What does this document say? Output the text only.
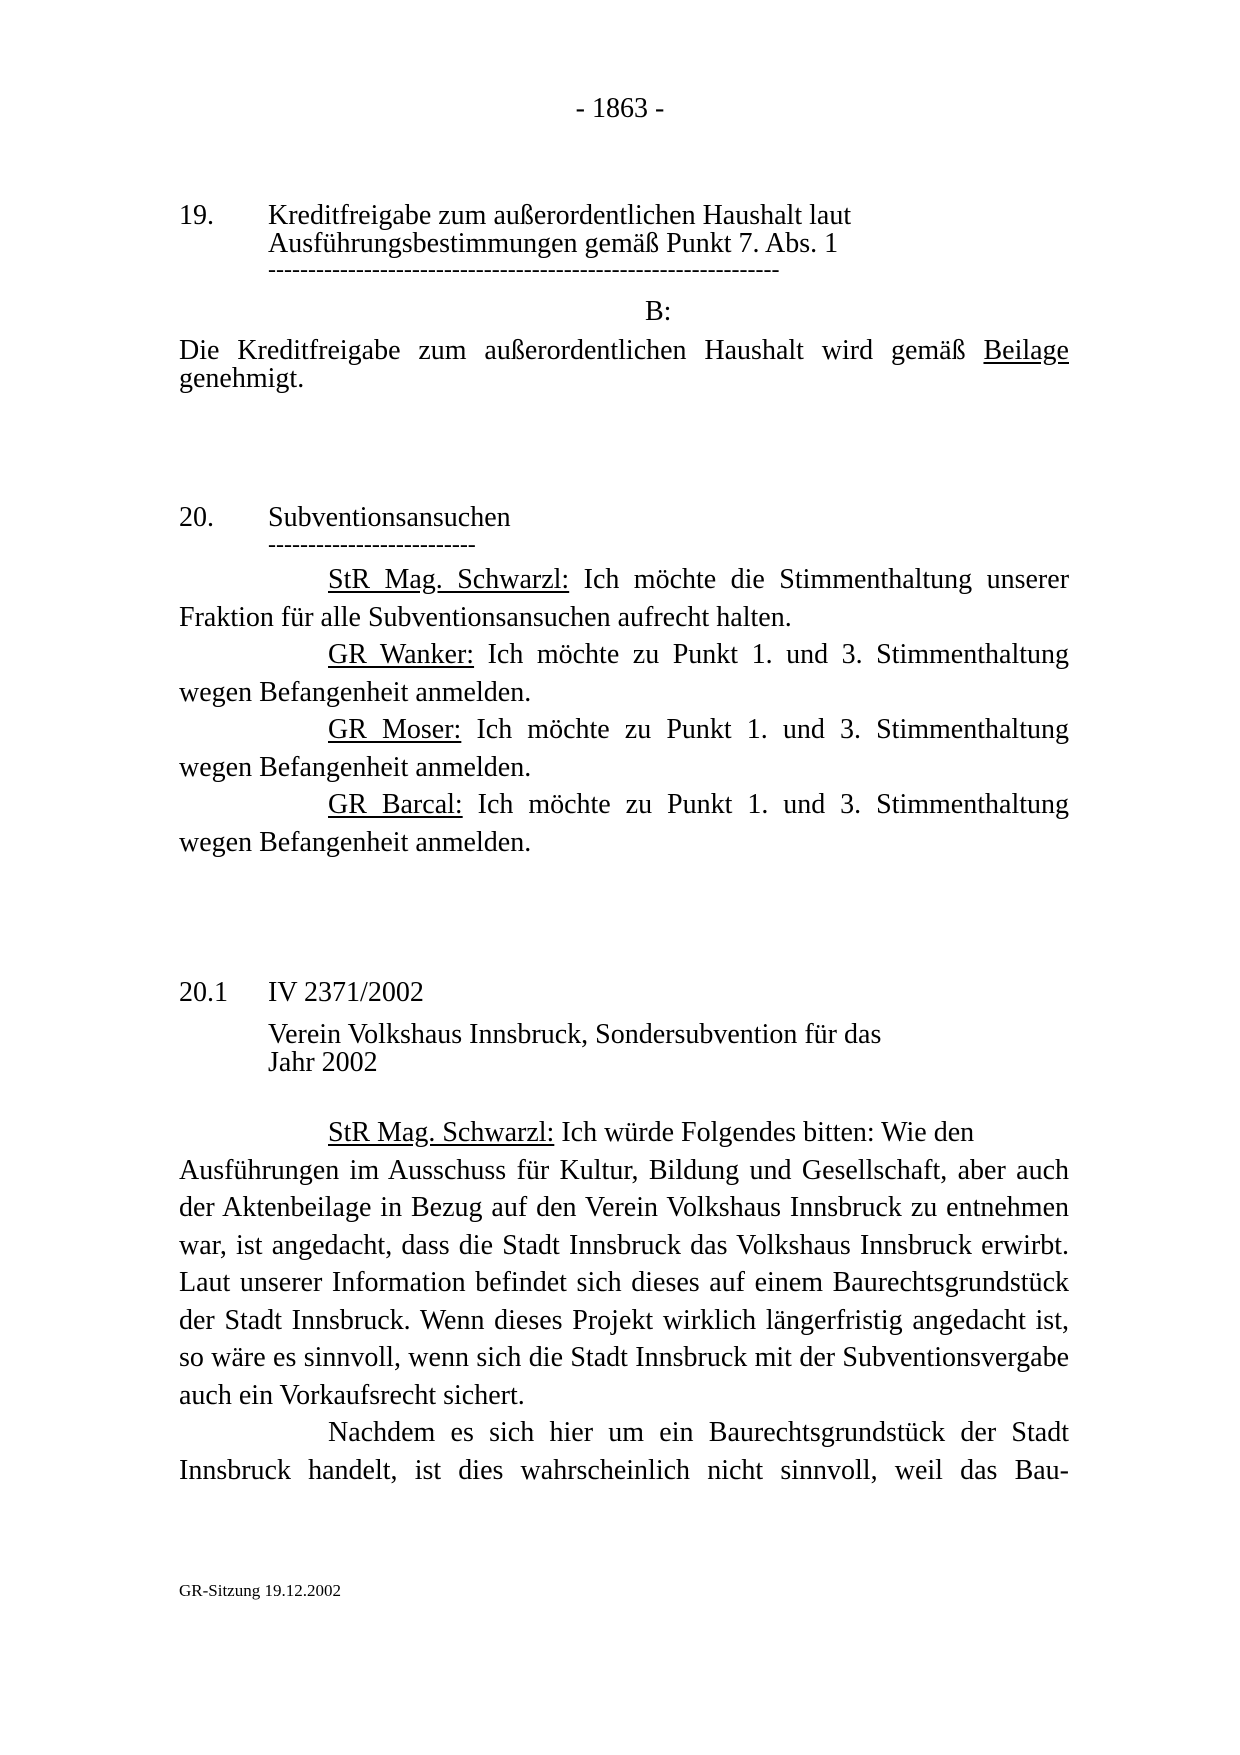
- 1863 -
19. Kreditfreigabe zum außerordentlichen Haushalt laut
Ausführungsbestimmungen gemäß Punkt 7. Abs. 1
----------------------------------------------------------------
B:
Die Kreditfreigabe zum außerordentlichen Haushalt wird gemäß Beilage
genehmigt.
20. Subventionsansuchen
--------------------------
StR Mag. Schwarzl: Ich möchte die Stimmenthaltung unserer
Fraktion für alle Subventionsansuchen aufrecht halten.
GR Wanker: Ich möchte zu Punkt 1. und 3. Stimmenthaltung
wegen Befangenheit anmelden.
GR Moser: Ich möchte zu Punkt 1. und 3. Stimmenthaltung
wegen Befangenheit anmelden.
GR Barcal: Ich möchte zu Punkt 1. und 3. Stimmenthaltung
wegen Befangenheit anmelden.
20.1 IV 2371/2002
Verein Volkshaus Innsbruck, Sondersubvention für das
Jahr 2002
StR Mag. Schwarzl: Ich würde Folgendes bitten: Wie den
Ausführungen im Ausschuss für Kultur, Bildung und Gesellschaft, aber auch der Aktenbeilage in Bezug auf den Verein Volkshaus Innsbruck zu entnehmen war, ist angedacht, dass die Stadt Innsbruck das Volkshaus Innsbruck erwirbt. Laut unserer Information befindet sich dieses auf einem Baurechtsgrundstück der Stadt Innsbruck. Wenn dieses Projekt wirklich längerfristig angedacht ist, so wäre es sinnvoll, wenn sich die Stadt Innsbruck mit der Subventionsvergabe auch ein Vorkaufsrecht sichert.
Nachdem es sich hier um ein Baurechtsgrundstück der Stadt
Innsbruck handelt, ist dies wahrscheinlich nicht sinnvoll, weil das Bau-
GR-Sitzung 19.12.2002
